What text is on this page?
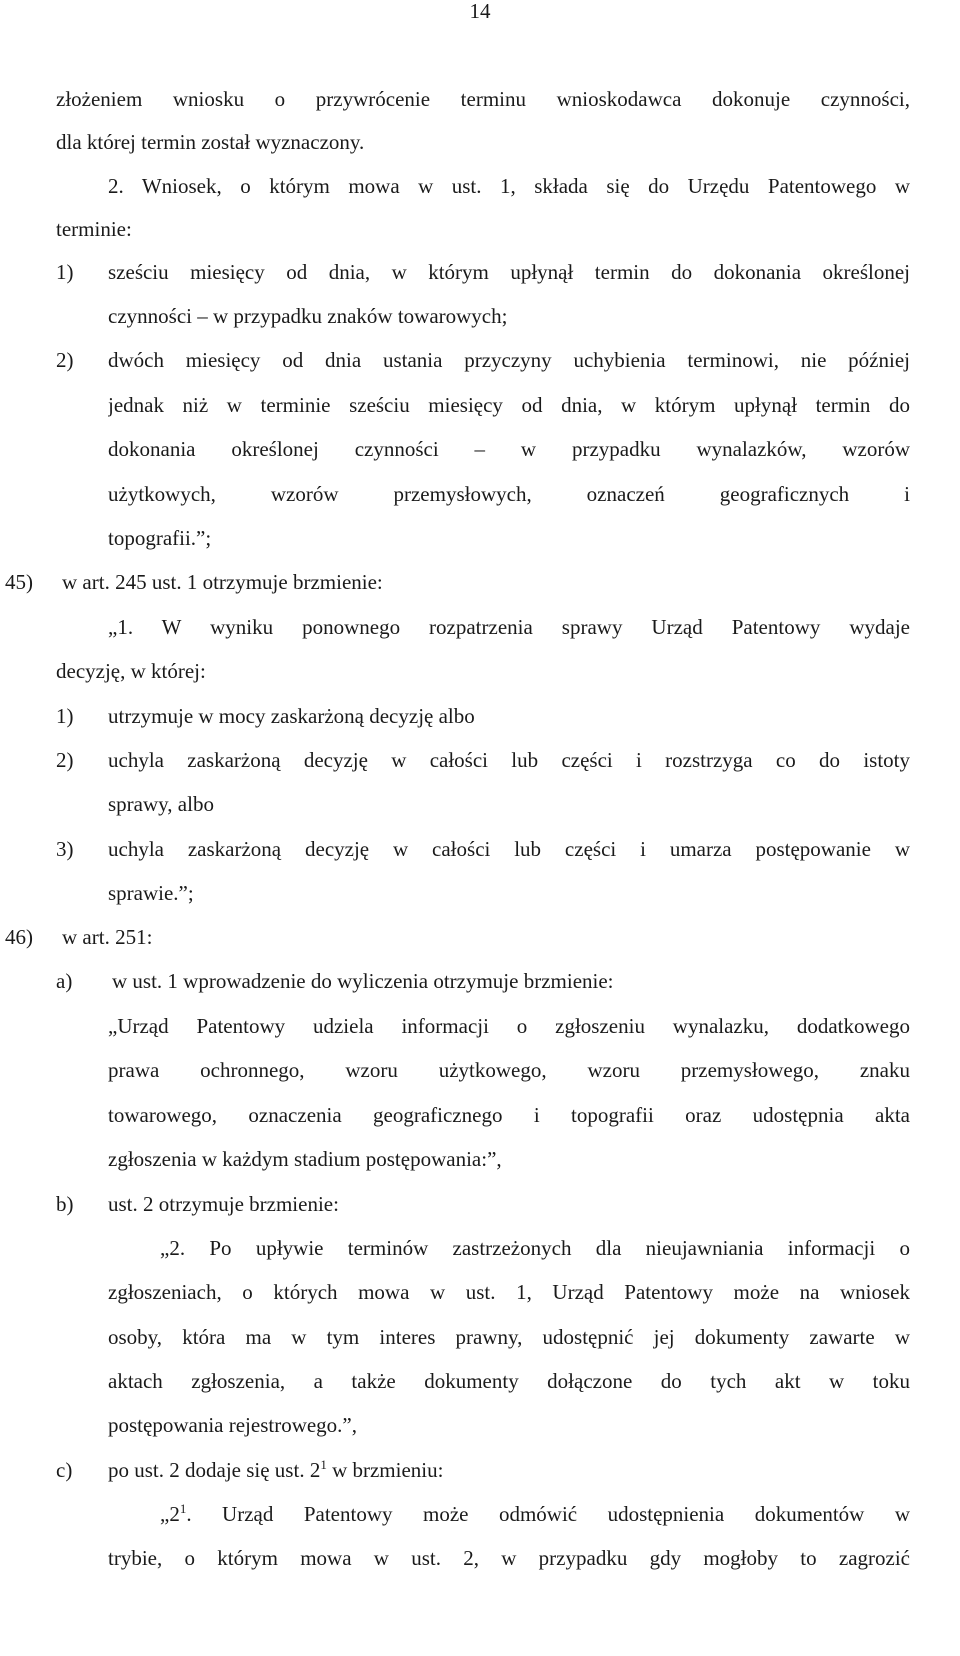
14
złożeniem wniosku o przywrócenie terminu wnioskodawca dokonuje czynności,
dla której termin został wyznaczony.
2. Wniosek, o którym mowa w ust. 1, składa się do Urzędu Patentowego w
terminie:
1) sześciu miesięcy od dnia, w którym upłynął termin do dokonania określonej
czynności – w przypadku znaków towarowych;
2) dwóch miesięcy od dnia ustania przyczyny uchybienia terminowi, nie później
jednak niż w terminie sześciu miesięcy od dnia, w którym upłynął termin do
dokonania określonej czynności – w przypadku wynalazków, wzorów
użytkowych, wzorów przemysłowych, oznaczeń geograficznych i
topografii.”;
45) w art. 245 ust. 1 otrzymuje brzmienie:
„1. W wyniku ponownego rozpatrzenia sprawy Urząd Patentowy wydaje
decyzję, w której:
1) utrzymuje w mocy zaskarżoną decyzję albo
2) uchyla zaskarżoną decyzję w całości lub części i rozstrzyga co do istoty
sprawy, albo
3) uchyla zaskarżoną decyzję w całości lub części i umarza postępowanie w
sprawie.”;
46) w art. 251:
a) w ust. 1 wprowadzenie do wyliczenia otrzymuje brzmienie:
„Urząd Patentowy udziela informacji o zgłoszeniu wynalazku, dodatkowego
prawa ochronnego, wzoru użytkowego, wzoru przemysłowego, znaku
towarowego, oznaczenia geograficznego i topografii oraz udostępnia akta
zgłoszenia w każdym stadium postępowania:”,
b) ust. 2 otrzymuje brzmienie:
„2. Po upływie terminów zastrzeżonych dla nieujawniania informacji o
zgłoszeniach, o których mowa w ust. 1, Urząd Patentowy może na wniosek
osoby, która ma w tym interes prawny, udostępnić jej dokumenty zawarte w
aktach zgłoszenia, a także dokumenty dołączone do tych akt w toku
postępowania rejestrowego.”,
c) po ust. 2 dodaje się ust. $2^1$ w brzmieniu:
$„2^1$. Urząd Patentowy może odmówić udostępnienia dokumentów w
trybie, o którym mowa w ust. 2, w przypadku gdy mogłoby to zagrozić
